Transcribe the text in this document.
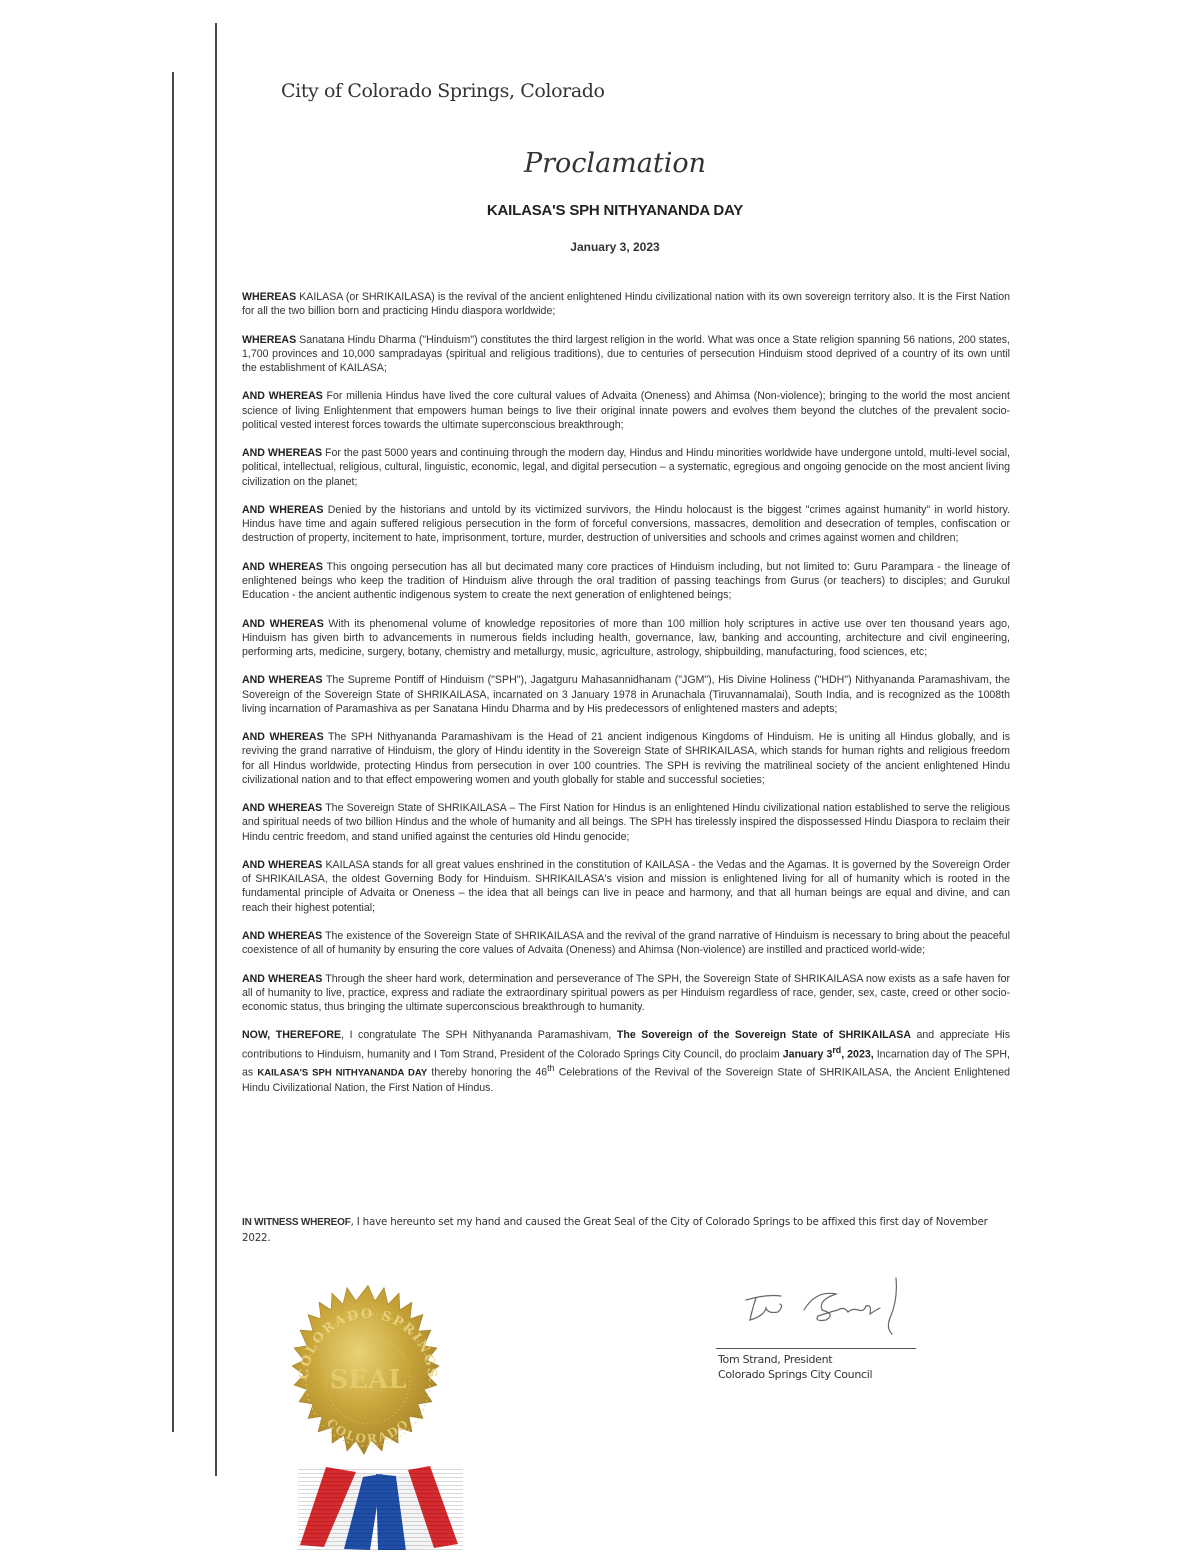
City of Colorado Springs, Colorado
Proclamation
KAILASA'S SPH NITHYANANDA DAY
January 3, 2023

WHEREAS KAILASA (or SHRIKAILASA) is the revival of the ancient enlightened Hindu civilizational nation with its own sovereign territory also. It is the First Nation for all the two billion born and practicing Hindu diaspora worldwide;

WHEREAS Sanatana Hindu Dharma ("Hinduism") constitutes the third largest religion in the world. What was once a State religion spanning 56 nations, 200 states, 1,700 provinces and 10,000 sampradayas (spiritual and religious traditions), due to centuries of persecution Hinduism stood deprived of a country of its own until the establishment of KAILASA;

AND WHEREAS For millenia Hindus have lived the core cultural values of Advaita (Oneness) and Ahimsa (Non-violence); bringing to the world the most ancient science of living Enlightenment that empowers human beings to live their original innate powers and evolves them beyond the clutches of the prevalent socio-political vested interest forces towards the ultimate superconscious breakthrough;

AND WHEREAS For the past 5000 years and continuing through the modern day, Hindus and Hindu minorities worldwide have undergone untold, multi-level social, political, intellectual, religious, cultural, linguistic, economic, legal, and digital persecution – a systematic, egregious and ongoing genocide on the most ancient living civilization on the planet;

AND WHEREAS Denied by the historians and untold by its victimized survivors, the Hindu holocaust is the biggest "crimes against humanity" in world history. Hindus have time and again suffered religious persecution in the form of forceful conversions, massacres, demolition and desecration of temples, confiscation or destruction of property, incitement to hate, imprisonment, torture, murder, destruction of universities and schools and crimes against women and children;

AND WHEREAS This ongoing persecution has all but decimated many core practices of Hinduism including, but not limited to: Guru Parampara - the lineage of enlightened beings who keep the tradition of Hinduism alive through the oral tradition of passing teachings from Gurus (or teachers) to disciples; and Gurukul Education - the ancient authentic indigenous system to create the next generation of enlightened beings;

AND WHEREAS With its phenomenal volume of knowledge repositories of more than 100 million holy scriptures in active use over ten thousand years ago, Hinduism has given birth to advancements in numerous fields including health, governance, law, banking and accounting, architecture and civil engineering, performing arts, medicine, surgery, botany, chemistry and metallurgy, music, agriculture, astrology, shipbuilding, manufacturing, food sciences, etc;

AND WHEREAS The Supreme Pontiff of Hinduism ("SPH"), Jagatguru Mahasannidhanam ("JGM"), His Divine Holiness ("HDH") Nithyananda Paramashivam, the Sovereign of the Sovereign State of SHRIKAILASA, incarnated on 3 January 1978 in Arunachala (Tiruvannamalai), South India, and is recognized as the 1008th living incarnation of Paramashiva as per Sanatana Hindu Dharma and by His predecessors of enlightened masters and adepts;

AND WHEREAS The SPH Nithyananda Paramashivam is the Head of 21 ancient indigenous Kingdoms of Hinduism. He is uniting all Hindus globally, and is reviving the grand narrative of Hinduism, the glory of Hindu identity in the Sovereign State of SHRIKAILASA, which stands for human rights and religious freedom for all Hindus worldwide, protecting Hindus from persecution in over 100 countries. The SPH is reviving the matrilineal society of the ancient enlightened Hindu civilizational nation and to that effect empowering women and youth globally for stable and successful societies;

AND WHEREAS The Sovereign State of SHRIKAILASA – The First Nation for Hindus is an enlightened Hindu civilizational nation established to serve the religious and spiritual needs of two billion Hindus and the whole of humanity and all beings. The SPH has tirelessly inspired the dispossessed Hindu Diaspora to reclaim their Hindu centric freedom, and stand unified against the centuries old Hindu genocide;

AND WHEREAS KAILASA stands for all great values enshrined in the constitution of KAILASA - the Vedas and the Agamas. It is governed by the Sovereign Order of SHRIKAILASA, the oldest Governing Body for Hinduism. SHRIKAILASA's vision and mission is enlightened living for all of humanity which is rooted in the fundamental principle of Advaita or Oneness – the idea that all beings can live in peace and harmony, and that all human beings are equal and divine, and can reach their highest potential;

AND WHEREAS The existence of the Sovereign State of SHRIKAILASA and the revival of the grand narrative of Hinduism is necessary to bring about the peaceful coexistence of all of humanity by ensuring the core values of Advaita (Oneness) and Ahimsa (Non-violence) are instilled and practiced world-wide;

AND WHEREAS Through the sheer hard work, determination and perseverance of The SPH, the Sovereign State of SHRIKAILASA now exists as a safe haven for all of humanity to live, practice, express and radiate the extraordinary spiritual powers as per Hinduism regardless of race, gender, sex, caste, creed or other socio-economic status, thus bringing the ultimate superconscious breakthrough to humanity.

NOW, THEREFORE, I congratulate The SPH Nithyananda Paramashivam, The Sovereign of the Sovereign State of SHRIKAILASA and appreciate His contributions to Hinduism, humanity and I Tom Strand, President of the Colorado Springs City Council, do proclaim January 3rd, 2023, Incarnation day of The SPH, as KAILASA'S SPH NITHYANANDA DAY thereby honoring the 46th Celebrations of the Revival of the Sovereign State of SHRIKAILASA, the Ancient Enlightened Hindu Civilizational Nation, the First Nation of Hindus.

IN WITNESS WHEREOF, I have hereunto set my hand and caused the Great Seal of the City of Colorado Springs to be affixed this first day of November 2022.
Tom Strand, President
Colorado Springs City Council
SEAL
COLORADO SPRINGS
COLORADO
